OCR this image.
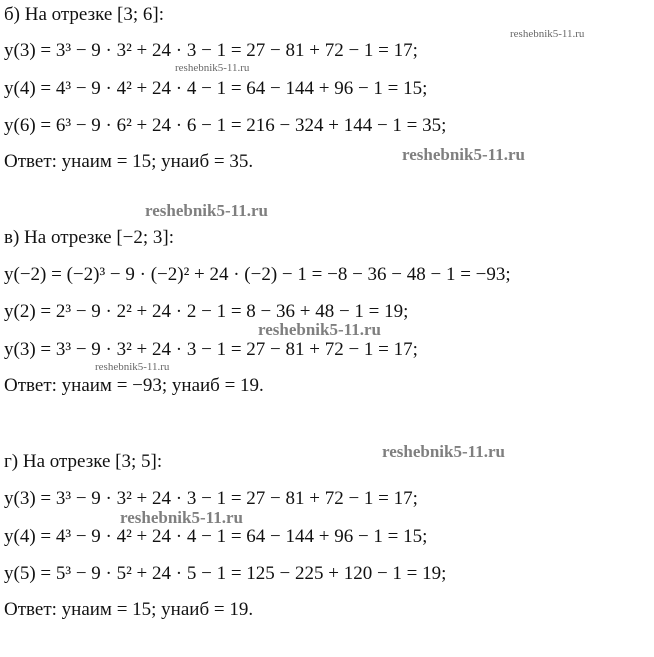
б) На отрезке [3; 6]:
y(3) = 3³ − 9 · 3² + 24 · 3 − 1 = 27 − 81 + 72 − 1 = 17;
y(4) = 4³ − 9 · 4² + 24 · 4 − 1 = 64 − 144 + 96 − 1 = 15;
y(6) = 6³ − 9 · 6² + 24 · 6 − 1 = 216 − 324 + 144 − 1 = 35;
Ответ: yнаим = 15; yнаиб = 35.
в) На отрезке [−2; 3]:
y(−2) = (−2)³ − 9 · (−2)² + 24 · (−2) − 1 = −8 − 36 − 48 − 1 = −93;
y(2) = 2³ − 9 · 2² + 24 · 2 − 1 = 8 − 36 + 48 − 1 = 19;
y(3) = 3³ − 9 · 3² + 24 · 3 − 1 = 27 − 81 + 72 − 1 = 17;
Ответ: yнаим = −93; yнаиб = 19.
г) На отрезке [3; 5]:
y(3) = 3³ − 9 · 3² + 24 · 3 − 1 = 27 − 81 + 72 − 1 = 17;
y(4) = 4³ − 9 · 4² + 24 · 4 − 1 = 64 − 144 + 96 − 1 = 15;
y(5) = 5³ − 9 · 5² + 24 · 5 − 1 = 125 − 225 + 120 − 1 = 19;
Ответ: yнаим = 15; yнаиб = 19.
reshebnik5-11.ru
reshebnik5-11.ru
reshebnik5-11.ru
reshebnik5-11.ru
reshebnik5-11.ru
reshebnik5-11.ru
reshebnik5-11.ru
reshebnik5-11.ru
